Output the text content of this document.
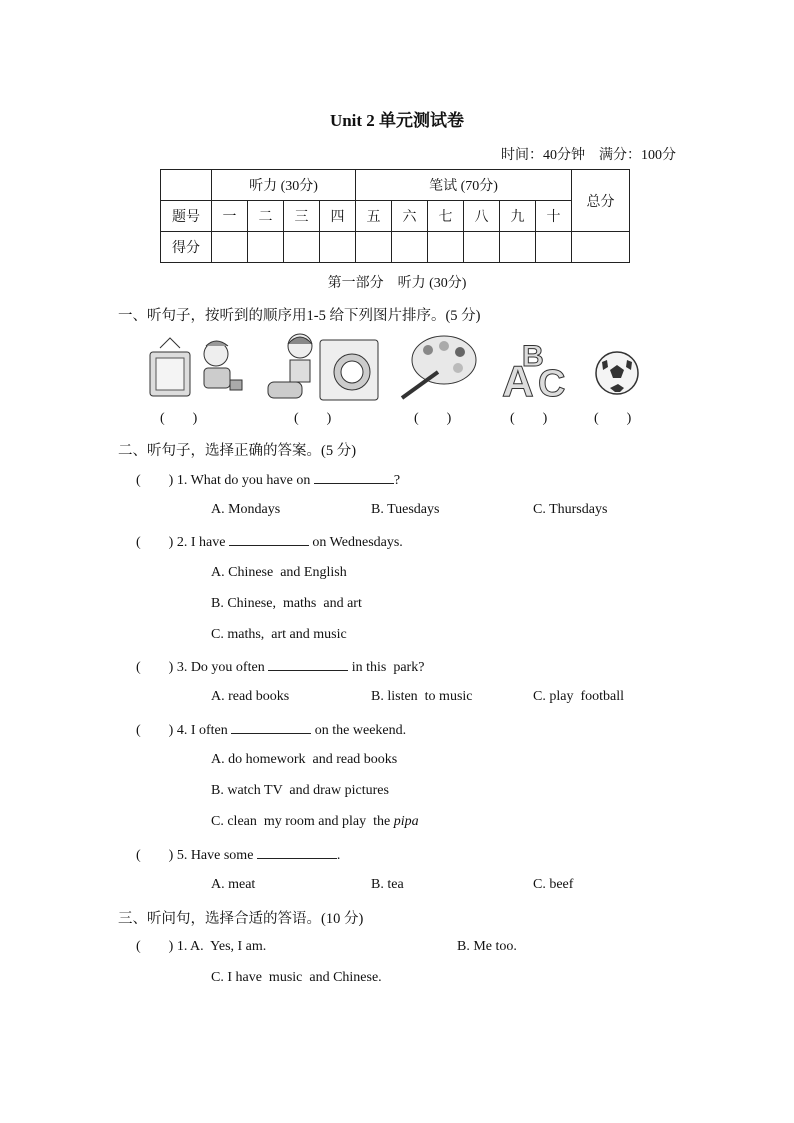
Unit 2 单元测试卷
时间：40分钟    满分：100分
	听力 (30分)				笔试 (70分)						总分
题号	一	二	三	四	五	六	七	八	九	十	
得分											
第一部分    听力 (30分)
一、听句子，按听到的顺序用1-5 给下列图片排序。(5 分)
A
B
C
(        )	(        )	(        )	(        )	(        )
二、听句子，选择正确的答案。(5 分)
(        ) 1. What do you have on	?
A. Mondays	B. Tuesdays	C. Thursdays
(        ) 2. I have	on Wednesdays.
A. Chinese  and English
B. Chinese,  maths  and art
C. maths,  art and music
(        ) 3. Do you often	in this  park?
A. read books	B. listen  to music	C. play  football
(        ) 4. I often	on the weekend.
A. do homework  and read books
B. watch TV  and draw pictures
C. clean  my room and play  the pipa
(        ) 5. Have some	.
A. meat	B. tea	C. beef
三、听问句，选择合适的答语。(10 分)
(        ) 1. A.  Yes, I am.	B. Me too.
C. I have  music  and Chinese.
